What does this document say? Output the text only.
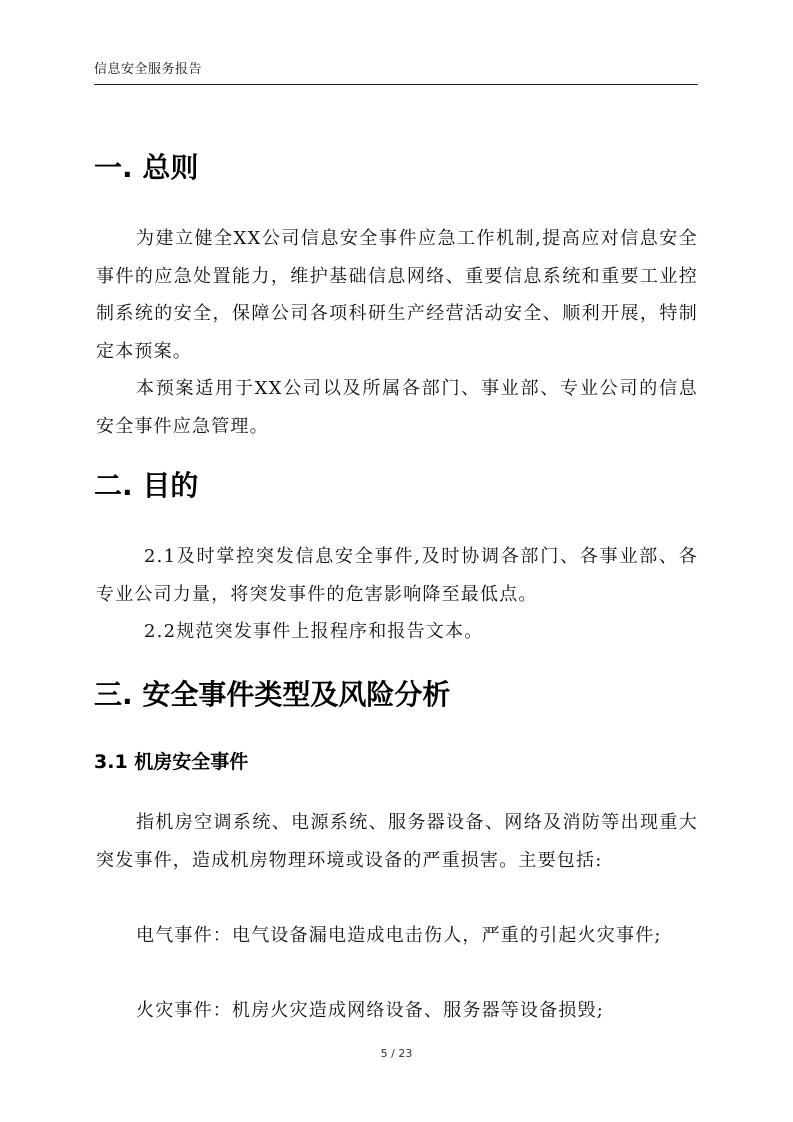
信息安全服务报告
一. 总则
为建立健全XX公司信息安全事件应急工作机制,提高应对信息安全事件的应急处置能力，维护基础信息网络、重要信息系统和重要工业控制系统的安全，保障公司各项科研生产经营活动安全、顺利开展，特制定本预案。
本预案适用于XX公司以及所属各部门、事业部、专业公司的信息安全事件应急管理。
二. 目的
2.1及时掌控突发信息安全事件,及时协调各部门、各事业部、各专业公司力量，将突发事件的危害影响降至最低点。
2.2规范突发事件上报程序和报告文本。
三. 安全事件类型及风险分析
3.1 机房安全事件
指机房空调系统、电源系统、服务器设备、网络及消防等出现重大突发事件，造成机房物理环境或设备的严重损害。主要包括:
电气事件：电气设备漏电造成电击伤人，严重的引起火灾事件;
火灾事件：机房火灾造成网络设备、服务器等设备损毁;
5 / 23
